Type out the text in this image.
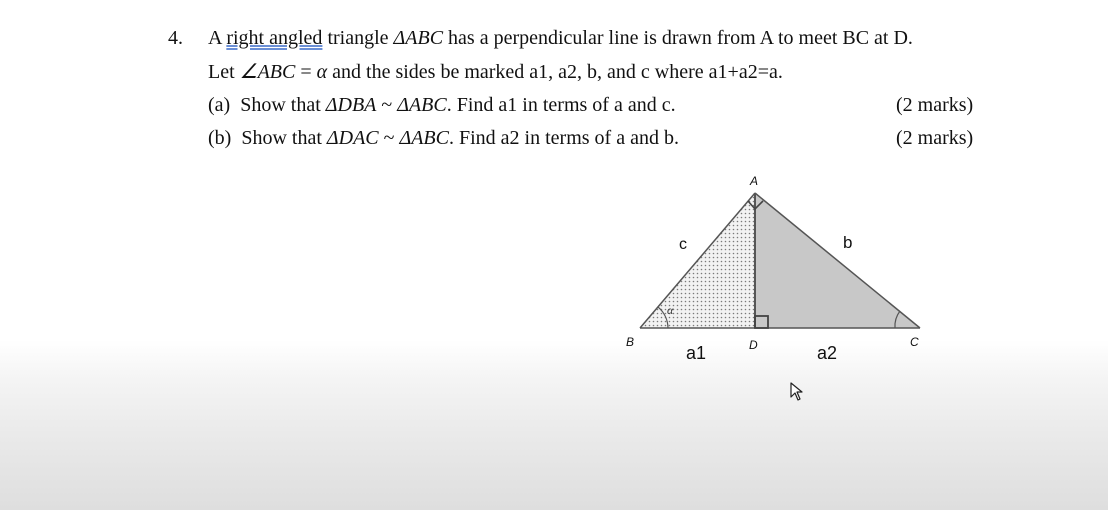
4. A right angled triangle ΔABC has a perpendicular line is drawn from A to meet BC at D.
Let ∠ABC = α and the sides be marked a1, a2, b, and c where a1+a2=a.
(a) Show that ΔDBA ~ ΔABC. Find a1 in terms of a and c.	(2 marks)
(b) Show that ΔDAC ~ ΔABC. Find a2 in terms of a and b.	(2 marks)
A
B	C
D
c	b
a1	a2
α
